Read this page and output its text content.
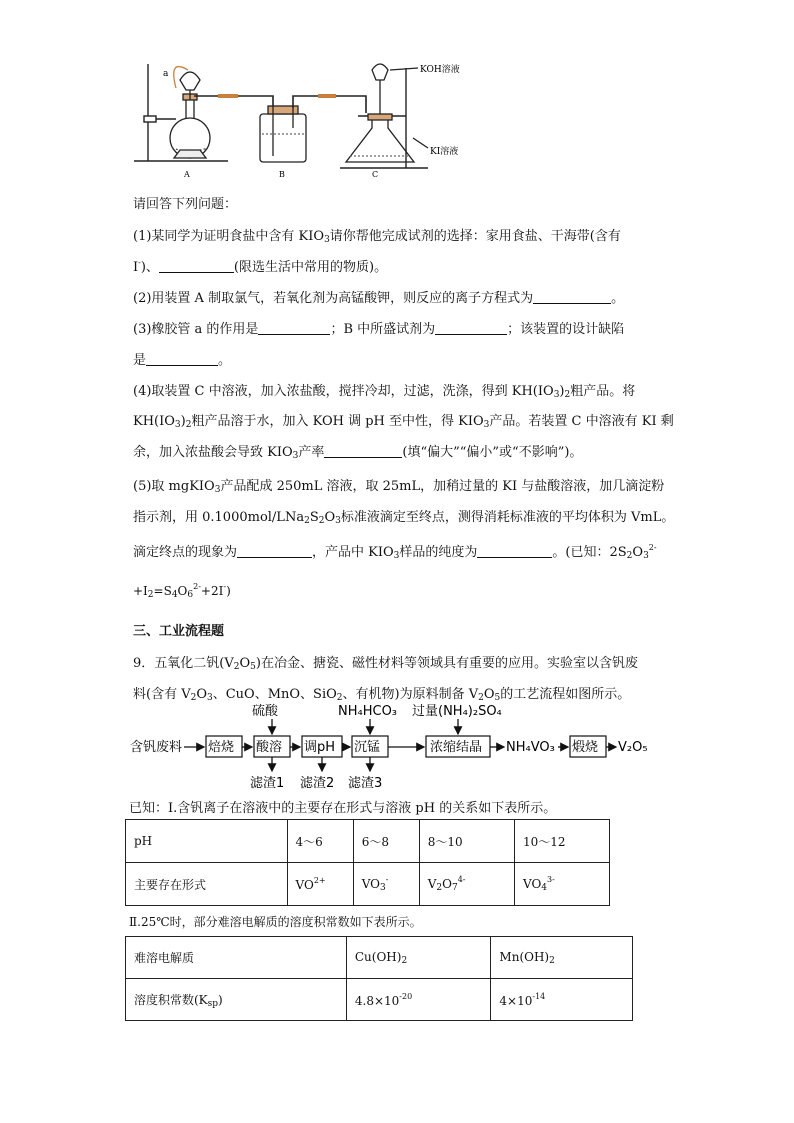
a	KOH溶液
KI溶液
A	B	C
请回答下列问题：
(1)某同学为证明食盐中含有 $KIO_3$请你帮他完成试剂的选择：家用食盐、干海带(含有
I-)、	(限选生活中常用的物质)。
(2)用装置 A 制取氯气，若氧化剂为高锰酸钾，则反应的离子方程式为	。
(3)橡胶管 a 的作用是	；B 中所盛试剂为	；该装置的设计缺陷
是	。
(4)取装置 C 中溶液，加入浓盐酸，搅拌冷却，过滤，洗涤，得到 $KH(IO_3)_2$粗产品。将
$KH(IO_3)_2$粗产品溶于水，加入 KOH 调 pH 至中性，得 $KIO_3$产品。若装置 C 中溶液有 KI 剩
余，加入浓盐酸会导致 $KIO_3$产率	(填“偏大”“偏小”或“不影响”)。
(5)取 mgKIO$_3$产品配成 250mL 溶液，取 25mL，加稍过量的 KI 与盐酸溶液，加几滴淀粉
指示剂，用 $0.1000mol/LNa_2S_2O_3$标准液滴定至终点，测得消耗标准液的平均体积为 VmL。
滴定终点的现象为	，产品中 $KIO_3$样品的纯度为	。(已知：$2S_2O_3^{2-}$
$+I_2=S_4O_6^{2-}+2I^-$)
三、工业流程题
9．五氧化二钒$(V_2O_5)$在冶金、搪瓷、磁性材料等领域具有重要的应用。实验室以含钒废
料(含有 $V_2O_3$、CuO、MnO、SiO$_2$、有机物)为原料制备 $V_2O_5$的工艺流程如图所示。
含钒废料 焙烧 酸溶 调pH 沉锰	浓缩结晶 NH₄VO₃ 煅烧 V₂O₅
硫酸	NH₄HCO₃ 过量(NH₄)₂SO₄
滤渣1 滤渣2 滤渣3
已知：Ⅰ.含钒离子在溶液中的主要存在形式与溶液 pH 的关系如下表所示。
pH	4～6	6～8	8～10	10～12
主要存在形式	$VO^{2+}$	$VO_3^-$	$V_2O_7^{4-}$	$VO_4^{3-}$
Ⅱ.25℃时，部分难溶电解质的溶度积常数如下表所示。
难溶电解质	$Cu(OH)_2$	$Mn(OH)_2$
溶度积常数$(K_{sp})$	$4.8\times 10^{-20}$	$4\times 10^{-14}$
